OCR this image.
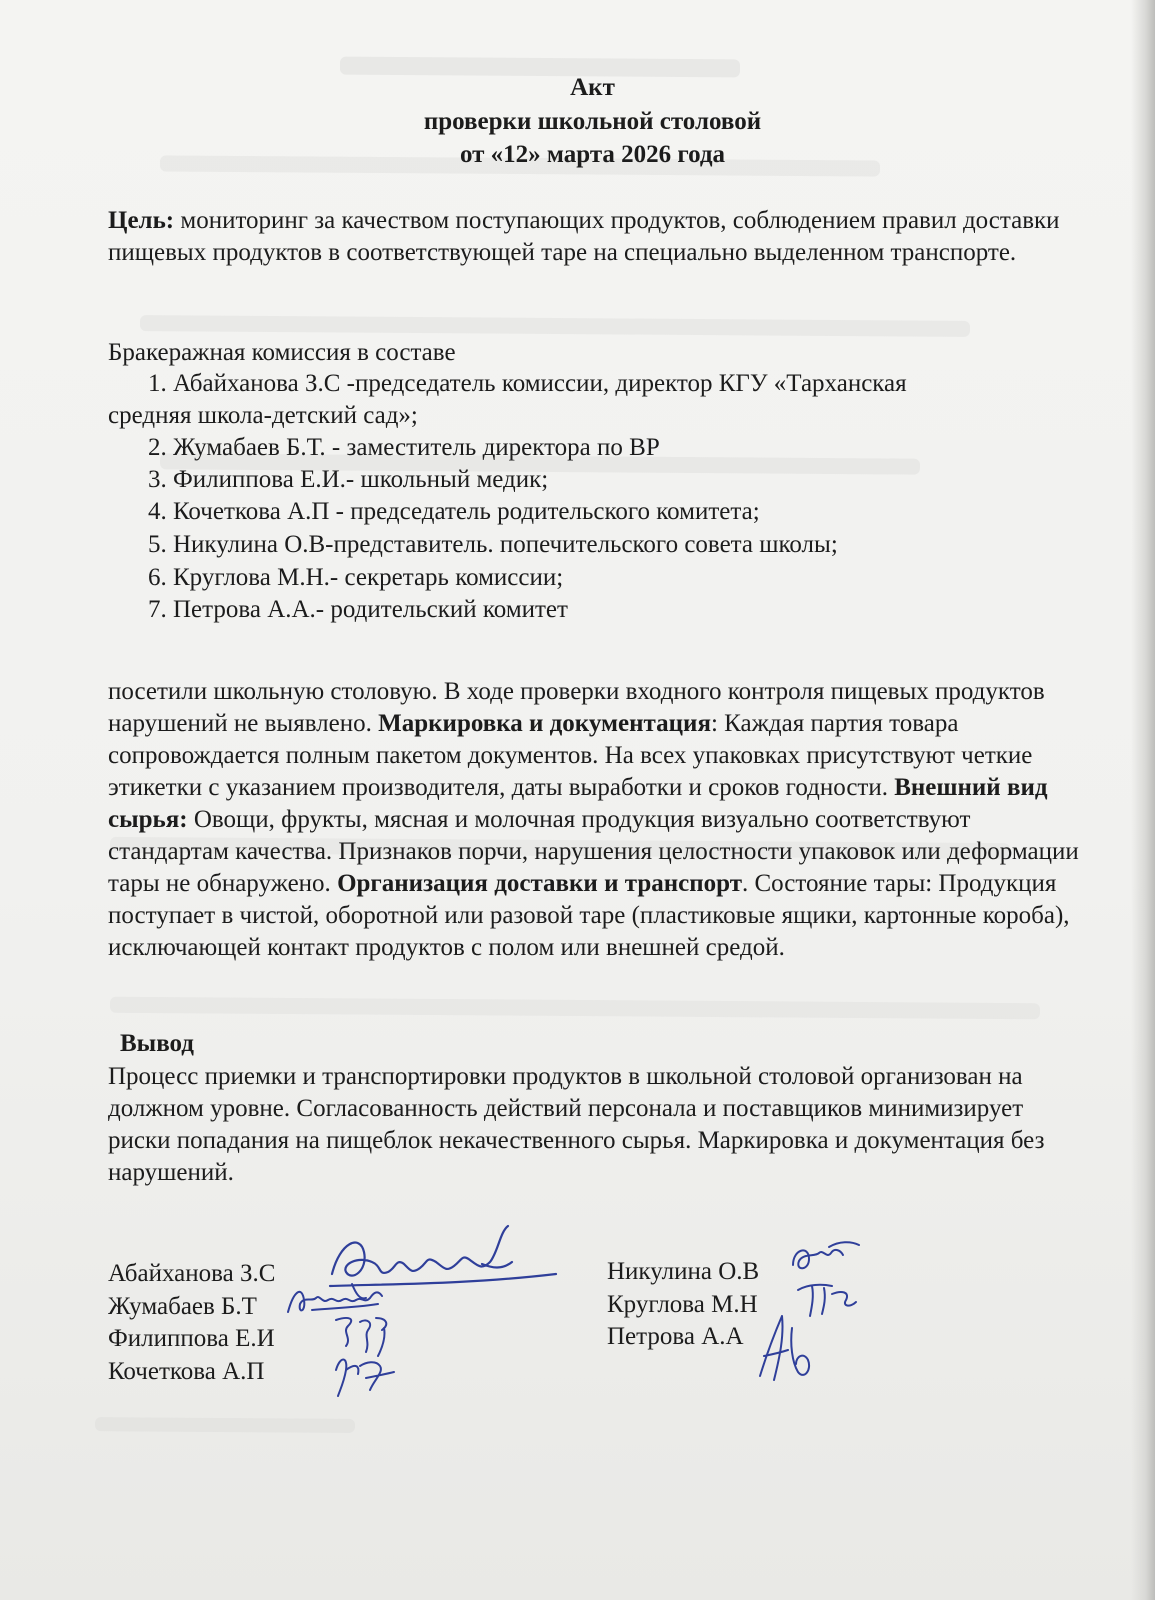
Акт
проверки школьной столовой
от «12» марта 2026 года
Цель: мониторинг за качеством поступающих продуктов, соблюдением правил доставки пищевых продуктов в соответствующей таре на специально выделенном транспорте.
Бракеражная комиссия в составе
1. Абайханова З.С -председатель комиссии, директор КГУ «Тарханская
средняя школа-детский сад»;
2. Жумабаев Б.Т. - заместитель директора по ВР
3. Филиппова Е.И.- школьный медик;
4. Кочеткова А.П - председатель родительского комитета;
5. Никулина О.В-представитель. попечительского совета школы;
6. Круглова М.Н.- секретарь комиссии;
7. Петрова А.А.- родительский комитет
посетили школьную столовую. В ходе проверки входного контроля пищевых продуктов нарушений не выявлено. Маркировка и документация: Каждая партия товара сопровождается полным пакетом документов. На всех упаковках присутствуют четкие этикетки с указанием производителя, даты выработки и сроков годности. Внешний вид сырья: Овощи, фрукты, мясная и молочная продукция визуально соответствуют стандартам качества. Признаков порчи, нарушения целостности упаковок или деформации тары не обнаружено. Организация доставки и транспорт. Состояние тары: Продукция поступает в чистой, оборотной или разовой таре (пластиковые ящики, картонные короба), исключающей контакт продуктов с полом или внешней средой.
Вывод
Процесс приемки и транспортировки продуктов в школьной столовой организован на должном уровне. Согласованность действий персонала и поставщиков минимизирует риски попадания на пищеблок некачественного сырья. Маркировка и документация без нарушений.
Абайханова З.С
Жумабаев Б.Т
Филиппова Е.И
Кочеткова А.П
Никулина О.В
Круглова М.Н
Петрова А.А
